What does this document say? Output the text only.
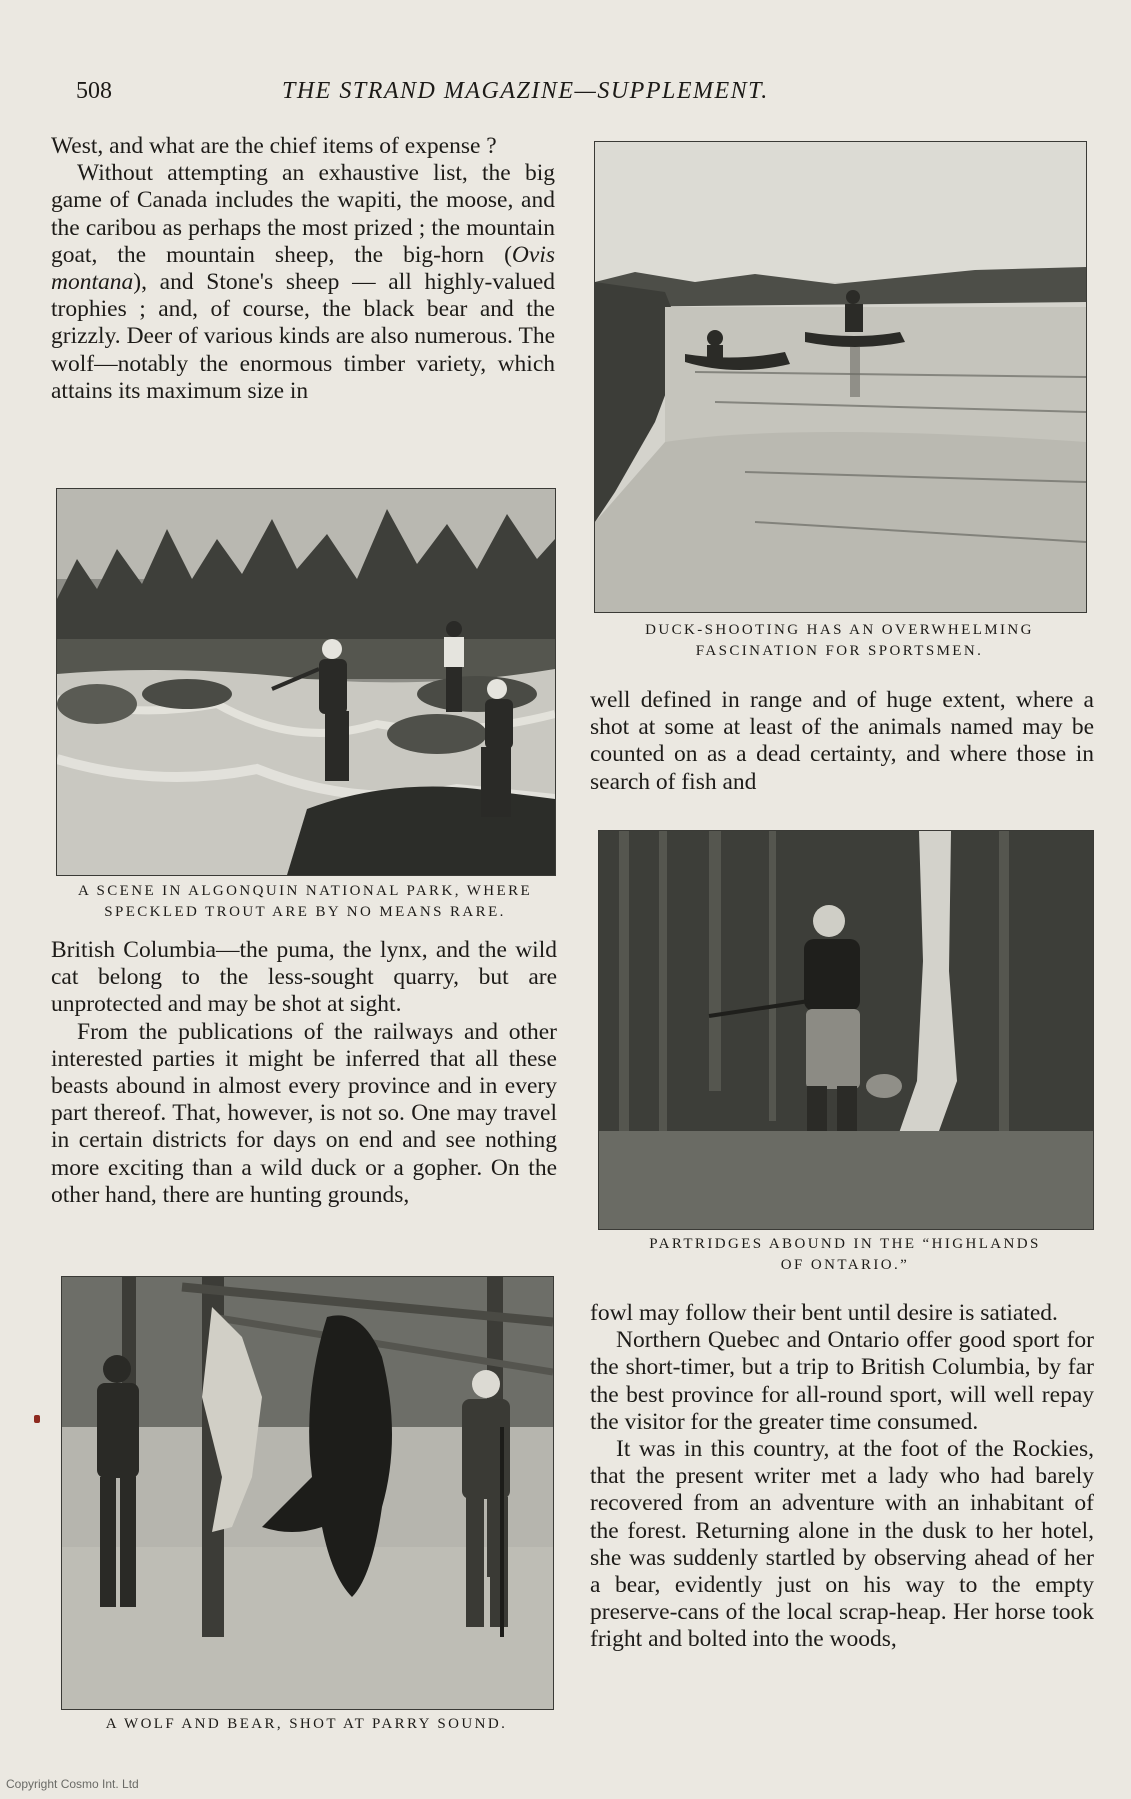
508	THE STRAND MAGAZINE—SUPPLEMENT.

West, and what are the chief items of expense ?

Without attempting an exhaustive list, the big game of Canada includes the wapiti, the moose, and the caribou as perhaps the most prized ; the mountain goat, the mountain sheep, the big-horn (Ovis montana), and Stone's sheep — all highly-valued trophies ; and, of course, the black bear and the grizzly. Deer of various kinds are also numerous. The wolf—notably the enormous timber variety, which attains its maximum size in

A SCENE IN ALGONQUIN NATIONAL PARK, WHERE
SPECKLED TROUT ARE BY NO MEANS RARE.

British Columbia—the puma, the lynx, and the wild cat belong to the less-sought quarry, but are unprotected and may be shot at sight.

From the publications of the railways and other interested parties it might be inferred that all these beasts abound in almost every province and in every part thereof. That, however, is not so. One may travel in certain districts for days on end and see nothing more exciting than a wild duck or a gopher. On the other hand, there are hunting grounds,

A WOLF AND BEAR, SHOT AT PARRY SOUND.
DUCK-SHOOTING HAS AN OVERWHELMING
FASCINATION FOR SPORTSMEN.

well defined in range and of huge extent, where a shot at some at least of the animals named may be counted on as a dead certainty, and where those in search of fish and

PARTRIDGES ABOUND IN THE “HIGHLANDS
OF ONTARIO.”

fowl may follow their bent until desire is satiated.

Northern Quebec and Ontario offer good sport for the short-timer, but a trip to British Columbia, by far the best province for all-round sport, will well repay the visitor for the greater time consumed.

It was in this country, at the foot of the Rockies, that the present writer met a lady who had barely recovered from an adventure with an inhabitant of the forest. Returning alone in the dusk to her hotel, she was suddenly startled by observing ahead of her a bear, evidently just on his way to the empty preserve-cans of the local scrap-heap. Her horse took fright and bolted into the woods,

Copyright Cosmo Int. Ltd
